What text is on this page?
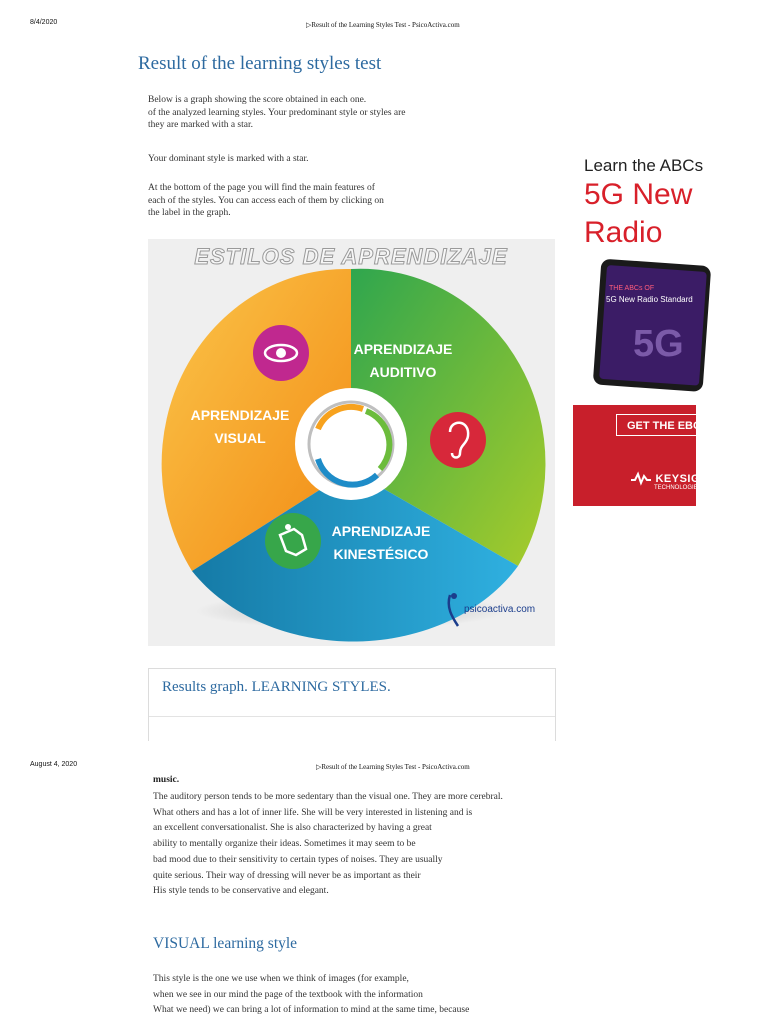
8/4/2020	▷Result of the Learning Styles Test - PsicoActiva.com
Result of the learning styles test
Below is a graph showing the score obtained in each one.
of the analyzed learning styles. Your predominant style or styles are
they are marked with a star.
Your dominant style is marked with a star.
At the bottom of the page you will find the main features of
each of the styles. You can access each of them by clicking on
the label in the graph.
ESTILOS DE APRENDIZAJE
APRENDIZAJE
AUDITIVO
APRENDIZAJE
VISUAL
APRENDIZAJE
KINESTÉSICO
psicoactiva.com
Results graph. LEARNING STYLES.
Learn the ABCs
5G New
Radio
THE ABCs OF
5G New Radio Standard
5G
GET THE EBOOK
KEYSIGHT
TECHNOLOGIES
August 4, 2020	▷Result of the Learning Styles Test - PsicoActiva.com
music.
The auditory person tends to be more sedentary than the visual one. They are more cerebral.
What others and has a lot of inner life. She will be very interested in listening and is
an excellent conversationalist. She is also characterized by having a great
ability to mentally organize their ideas. Sometimes it may seem to be
bad mood due to their sensitivity to certain types of noises. They are usually
quite serious. Their way of dressing will never be as important as their
His style tends to be conservative and elegant.
VISUAL learning style
This style is the one we use when we think of images (for example,
when we see in our mind the page of the textbook with the information
What we need) we can bring a lot of information to mind at the same time, because
